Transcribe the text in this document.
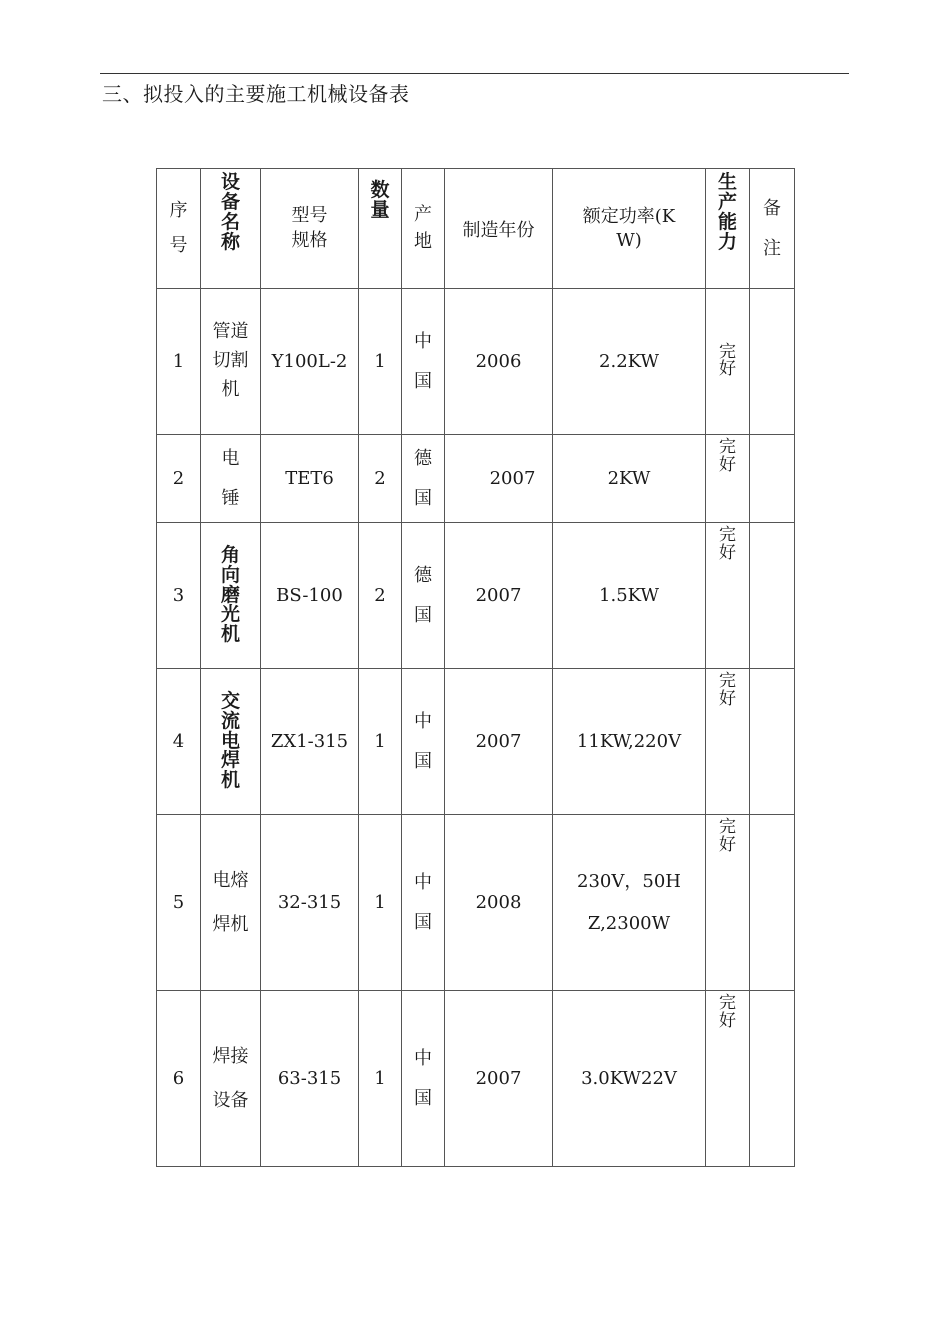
三、拟投入的主要施工机械设备表
序号	设备名称	型号规格	数量	产地	制造年份	额定功率(KW)	生产能力	备注
1	管道切割机	Y100L-2	1	中国	2006	2.2KW	完好	
2	电锤	TET6	2	德国	2007	2KW	完好	
3	角向磨光机	BS-100	2	德国	2007	1.5KW	完好	
4	交流电焊机	ZX1-315	1	中国	2007	11KW,220V	完好	
5	电熔焊机	32-315	1	中国	2008	230V，50HZ,2300W	完好	
6	焊接设备	63-315	1	中国	2007	3.0KW22V	完好	
